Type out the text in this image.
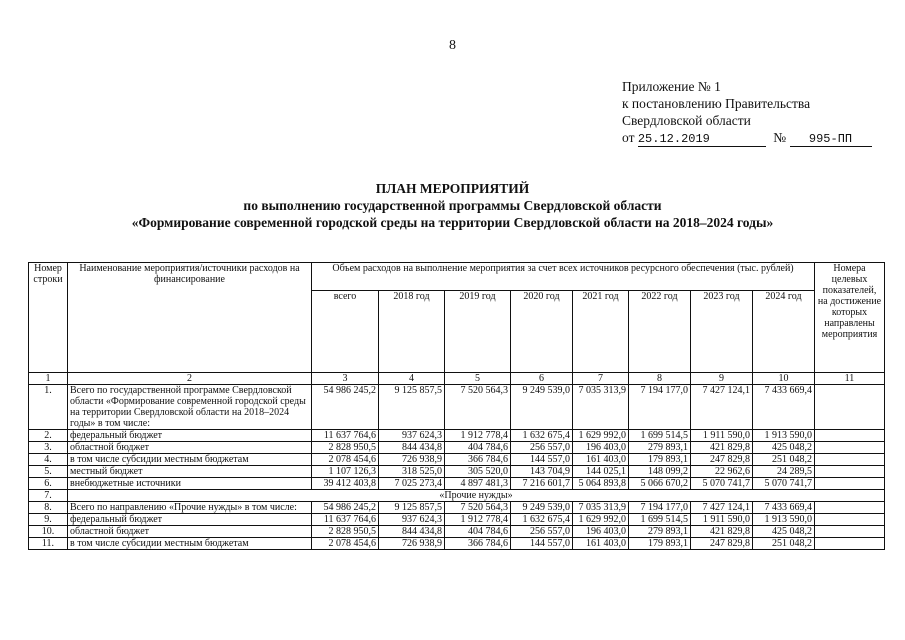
8
Приложение № 1
к постановлению Правительства
Свердловской области
от 25.12.2019	№ 995-ПП
ПЛАН МЕРОПРИЯТИЙ
по выполнению государственной программы Свердловской области
«Формирование современной городской среды на территории Свердловской области на 2018–2024 годы»
Номер строки	Наименование мероприятия/источники расходов на финансирование	Объем расходов на выполнение мероприятия за счет всех источников ресурсного обеспечения (тыс. рублей)								Номера целевых показателей, на достижение которых направлены мероприятия
		всего	2018 год	2019 год	2020 год	2021 год	2022 год	2023 год	2024 год	
1	2	3	4	5	6	7	8	9	10	11
1.	Всего по государственной программе Свердловской области «Формирование современной городской среды на территории Свердловской области на 2018–2024 годы» в том числе:	54 986 245,2	9 125 857,5	7 520 564,3	9 249 539,0	7 035 313,9	7 194 177,0	7 427 124,1	7 433 669,4	
2.	федеральный бюджет	11 637 764,6	937 624,3	1 912 778,4	1 632 675,4	1 629 992,0	1 699 514,5	1 911 590,0	1 913 590,0	
3.	областной бюджет	2 828 950,5	844 434,8	404 784,6	256 557,0	196 403,0	279 893,1	421 829,8	425 048,2	
4.	в том числе субсидии местным бюджетам	2 078 454,6	726 938,9	366 784,6	144 557,0	161 403,0	179 893,1	247 829,8	251 048,2	
5.	местный бюджет	1 107 126,3	318 525,0	305 520,0	143 704,9	144 025,1	148 099,2	22 962,6	24 289,5	
6.	внебюджетные источники	39 412 403,8	7 025 273,4	4 897 481,3	7 216 601,7	5 064 893,8	5 066 670,2	5 070 741,7	5 070 741,7	
7.	«Прочие нужды»									
8.	Всего по направлению «Прочие нужды» в том числе:	54 986 245,2	9 125 857,5	7 520 564,3	9 249 539,0	7 035 313,9	7 194 177,0	7 427 124,1	7 433 669,4	
9.	федеральный бюджет	11 637 764,6	937 624,3	1 912 778,4	1 632 675,4	1 629 992,0	1 699 514,5	1 911 590,0	1 913 590,0	
10.	областной бюджет	2 828 950,5	844 434,8	404 784,6	256 557,0	196 403,0	279 893,1	421 829,8	425 048,2	
11.	в том числе субсидии местным бюджетам	2 078 454,6	726 938,9	366 784,6	144 557,0	161 403,0	179 893,1	247 829,8	251 048,2	
